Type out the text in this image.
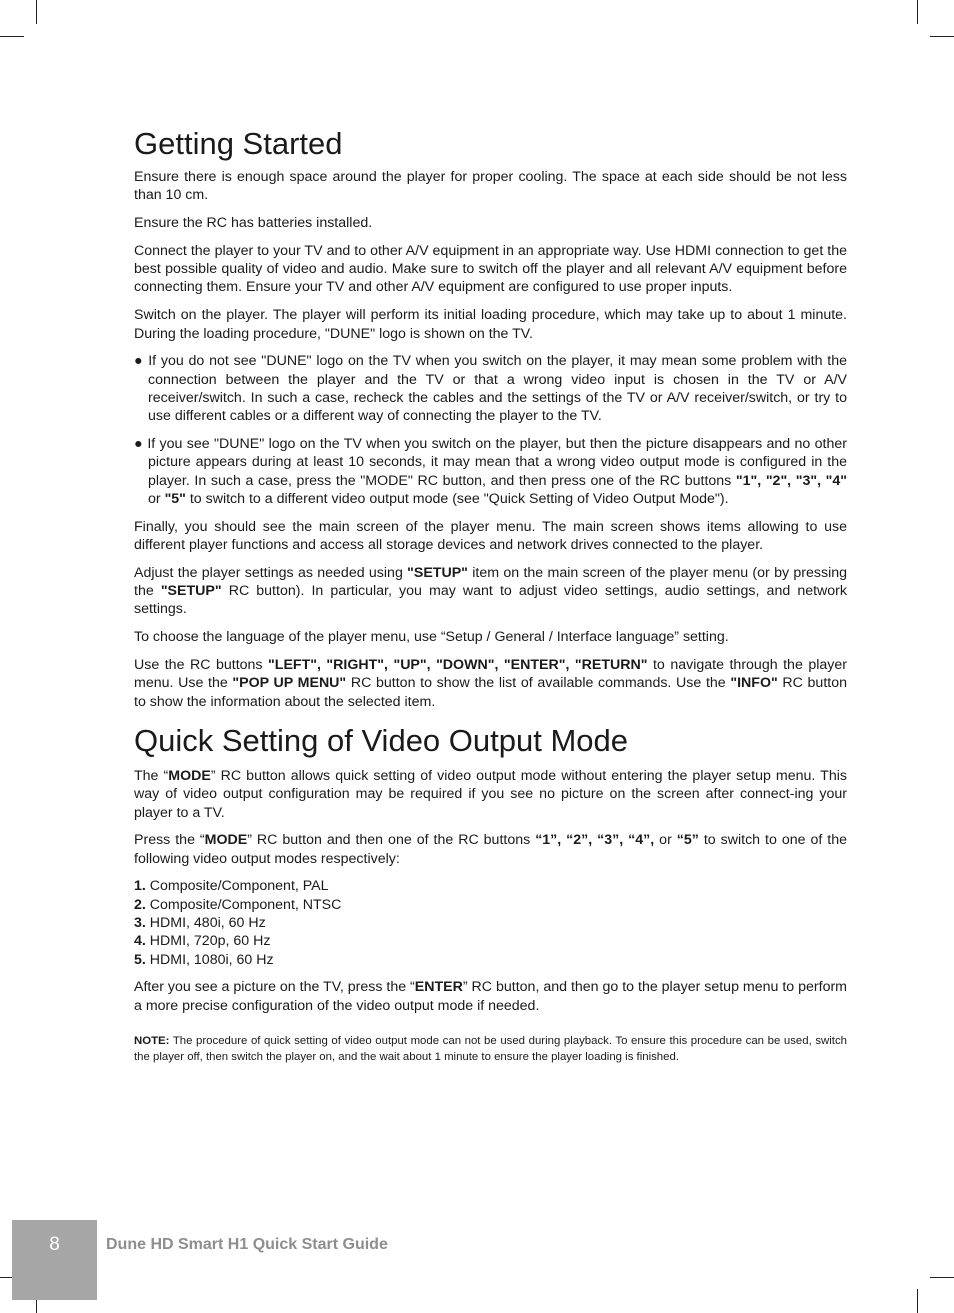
Getting Started

Ensure there is enough space around the player for proper cooling. The space at each side should be not less than 10 cm.

Ensure the RC has batteries installed.

Connect the player to your TV and to other A/V equipment in an appropriate way. Use HDMI connection to get the best possible quality of video and audio. Make sure to switch off the player and all relevant A/V equipment before connecting them. Ensure your TV and other A/V equipment are configured to use proper inputs.

Switch on the player. The player will perform its initial loading procedure, which may take up to about 1 minute. During the loading procedure, "DUNE" logo is shown on the TV.

● If you do not see "DUNE" logo on the TV when you switch on the player, it may mean some problem with the connection between the player and the TV or that a wrong video input is chosen in the TV or A/V receiver/switch. In such a case, recheck the cables and the settings of the TV or A/V receiver/switch, or try to use different cables or a different way of connecting the player to the TV.

● If you see "DUNE" logo on the TV when you switch on the player, but then the picture disappears and no other picture appears during at least 10 seconds, it may mean that a wrong video output mode is configured in the player. In such a case, press the "MODE" RC button, and then press one of the RC buttons "1", "2", "3", "4" or "5" to switch to a different video output mode (see "Quick Setting of Video Output Mode").

Finally, you should see the main screen of the player menu. The main screen shows items allowing to use different player functions and access all storage devices and network drives connected to the player.

Adjust the player settings as needed using "SETUP" item on the main screen of the player menu (or by pressing the "SETUP" RC button). In particular, you may want to adjust video settings, audio settings, and network settings.

To choose the language of the player menu, use “Setup / General / Interface language” setting.

Use the RC buttons "LEFT", "RIGHT", "UP", "DOWN", "ENTER", "RETURN" to navigate through the player menu. Use the "POP UP MENU" RC button to show the list of available commands. Use the "INFO" RC button to show the information about the selected item.

Quick Setting of Video Output Mode

The “MODE” RC button allows quick setting of video output mode without entering the player setup menu. This way of video output configuration may be required if you see no picture on the screen after connect-ing your player to a TV.

Press the “MODE” RC button and then one of the RC buttons “1”, “2”, “3”, “4”, or “5” to switch to one of the following video output modes respectively:

1. Composite/Component, PAL
2. Composite/Component, NTSC
3. HDMI, 480i, 60 Hz
4. HDMI, 720p, 60 Hz
5. HDMI, 1080i, 60 Hz

After you see a picture on the TV, press the “ENTER” RC button, and then go to the player setup menu to perform a more precise configuration of the video output mode if needed.

NOTE: The procedure of quick setting of video output mode can not be used during playback. To ensure this procedure can be used, switch the player off, then switch the player on, and the wait about 1 minute to ensure the player loading is finished.

8	Dune HD Smart H1 Quick Start Guide
